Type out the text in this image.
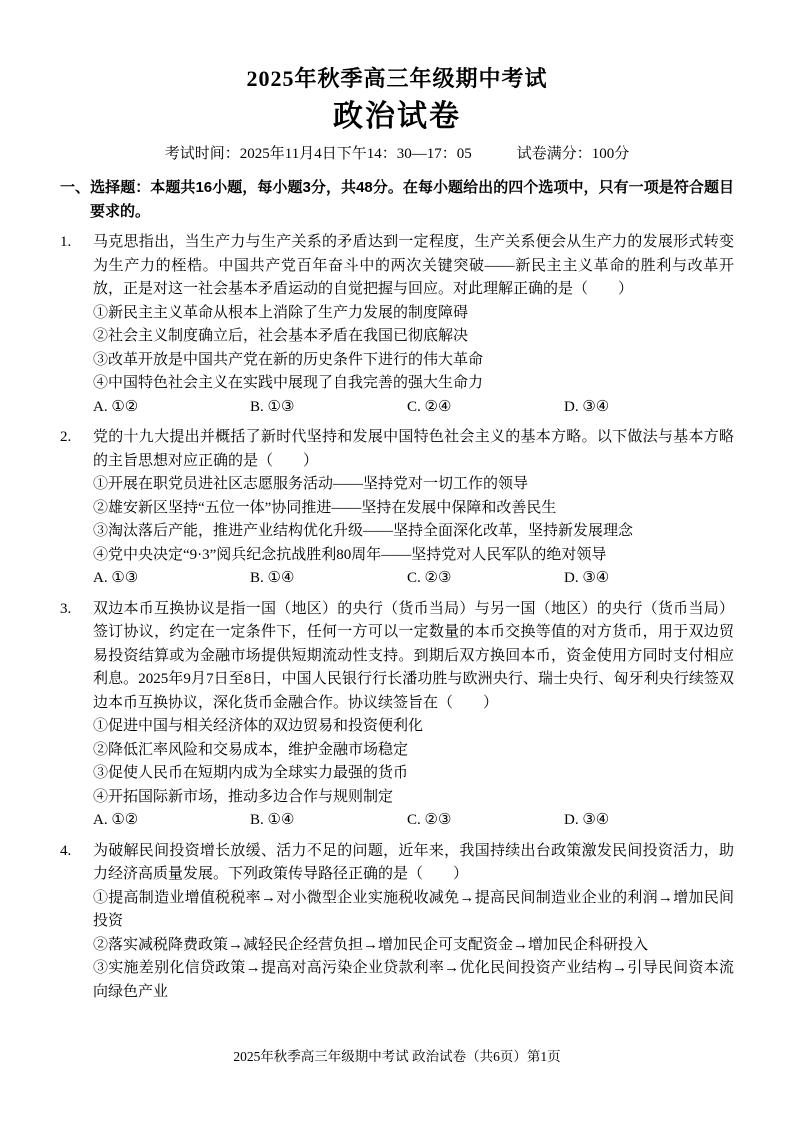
2025年秋季高三年级期中考试
政治试卷
考试时间：2025年11月4日下午14：30—17：05	试卷满分：100分
一、选择题：本题共16小题，每小题3分，共48分。在每小题给出的四个选项中，只有一项是符合题目要求的。
1. 马克思指出，当生产力与生产关系的矛盾达到一定程度，生产关系便会从生产力的发展形式转变为生产力的桎梏。中国共产党百年奋斗中的两次关键突破——新民主主义革命的胜利与改革开放，正是对这一社会基本矛盾运动的自觉把握与回应。对此理解正确的是（　　）
①新民主主义革命从根本上消除了生产力发展的制度障碍
②社会主义制度确立后，社会基本矛盾在我国已彻底解决
③改革开放是中国共产党在新的历史条件下进行的伟大革命
④中国特色社会主义在实践中展现了自我完善的强大生命力
A. ①②	B. ①③	C. ②④	D. ③④
2. 党的十九大提出并概括了新时代坚持和发展中国特色社会主义的基本方略。以下做法与基本方略的主旨思想对应正确的是（　　）
①开展在职党员进社区志愿服务活动——坚持党对一切工作的领导
②雄安新区坚持“五位一体”协同推进——坚持在发展中保障和改善民生
③淘汰落后产能，推进产业结构优化升级——坚持全面深化改革，坚持新发展理念
④党中央决定“9·3”阅兵纪念抗战胜利80周年——坚持党对人民军队的绝对领导
A. ①③	B. ①④	C. ②③	D. ③④
3. 双边本币互换协议是指一国（地区）的央行（货币当局）与另一国（地区）的央行（货币当局）签订协议，约定在一定条件下，任何一方可以一定数量的本币交换等值的对方货币，用于双边贸易投资结算或为金融市场提供短期流动性支持。到期后双方换回本币，资金使用方同时支付相应利息。2025年9月7日至8日，中国人民银行行长潘功胜与欧洲央行、瑞士央行、匈牙利央行续签双边本币互换协议，深化货币金融合作。协议续签旨在（　　）
①促进中国与相关经济体的双边贸易和投资便利化
②降低汇率风险和交易成本，维护金融市场稳定
③促使人民币在短期内成为全球实力最强的货币
④开拓国际新市场，推动多边合作与规则制定
A. ①②	B. ①④	C. ②③	D. ③④
4. 为破解民间投资增长放缓、活力不足的问题，近年来，我国持续出台政策激发民间投资活力，助力经济高质量发展。下列政策传导路径正确的是（　　）
①提高制造业增值税税率→对小微型企业实施税收减免→提高民间制造业企业的利润→增加民间投资
②落实减税降费政策→减轻民企经营负担→增加民企可支配资金→增加民企科研投入
③实施差别化信贷政策→提高对高污染企业贷款利率→优化民间投资产业结构→引导民间资本流向绿色产业
2025年秋季高三年级期中考试 政治试卷（共6页）第1页
